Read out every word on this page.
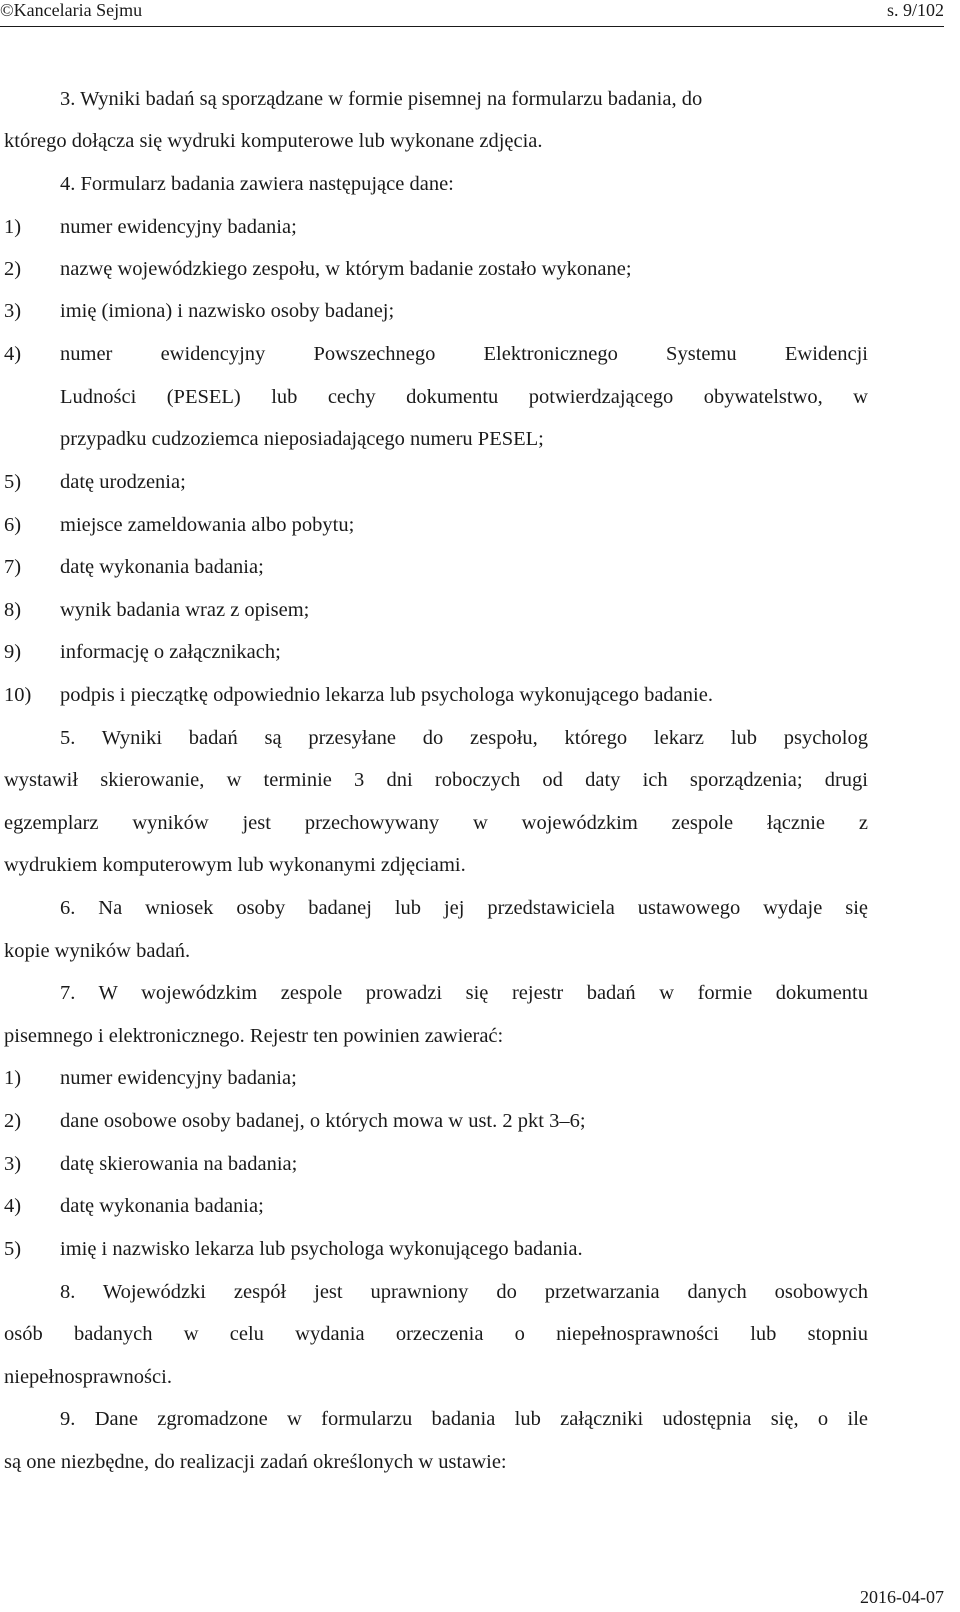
©Kancelaria Sejmu	s. 9/102
3. Wyniki badań są sporządzane w formie pisemnej na formularzu badania, do
którego dołącza się wydruki komputerowe lub wykonane zdjęcia.
4. Formularz badania zawiera następujące dane:
1) numer ewidencyjny badania;
2) nazwę wojewódzkiego zespołu, w którym badanie zostało wykonane;
3) imię (imiona) i nazwisko osoby badanej;
4) numer ewidencyjny Powszechnego Elektronicznego Systemu Ewidencji
Ludności (PESEL) lub cechy dokumentu potwierdzającego obywatelstwo, w
przypadku cudzoziemca nieposiadającego numeru PESEL;
5) datę urodzenia;
6) miejsce zameldowania albo pobytu;
7) datę wykonania badania;
8) wynik badania wraz z opisem;
9) informację o załącznikach;
10) podpis i pieczątkę odpowiednio lekarza lub psychologa wykonującego badanie.
5. Wyniki badań są przesyłane do zespołu, którego lekarz lub psycholog
wystawił skierowanie, w terminie 3 dni roboczych od daty ich sporządzenia; drugi
egzemplarz wyników jest przechowywany w wojewódzkim zespole łącznie z
wydrukiem komputerowym lub wykonanymi zdjęciami.
6. Na wniosek osoby badanej lub jej przedstawiciela ustawowego wydaje się
kopie wyników badań.
7. W wojewódzkim zespole prowadzi się rejestr badań w formie dokumentu
pisemnego i elektronicznego. Rejestr ten powinien zawierać:
1) numer ewidencyjny badania;
2) dane osobowe osoby badanej, o których mowa w ust. 2 pkt 3–6;
3) datę skierowania na badania;
4) datę wykonania badania;
5) imię i nazwisko lekarza lub psychologa wykonującego badania.
8. Wojewódzki zespół jest uprawniony do przetwarzania danych osobowych
osób badanych w celu wydania orzeczenia o niepełnosprawności lub stopniu
niepełnosprawności.
9. Dane zgromadzone w formularzu badania lub załączniki udostępnia się, o ile
są one niezbędne, do realizacji zadań określonych w ustawie:
2016-04-07
